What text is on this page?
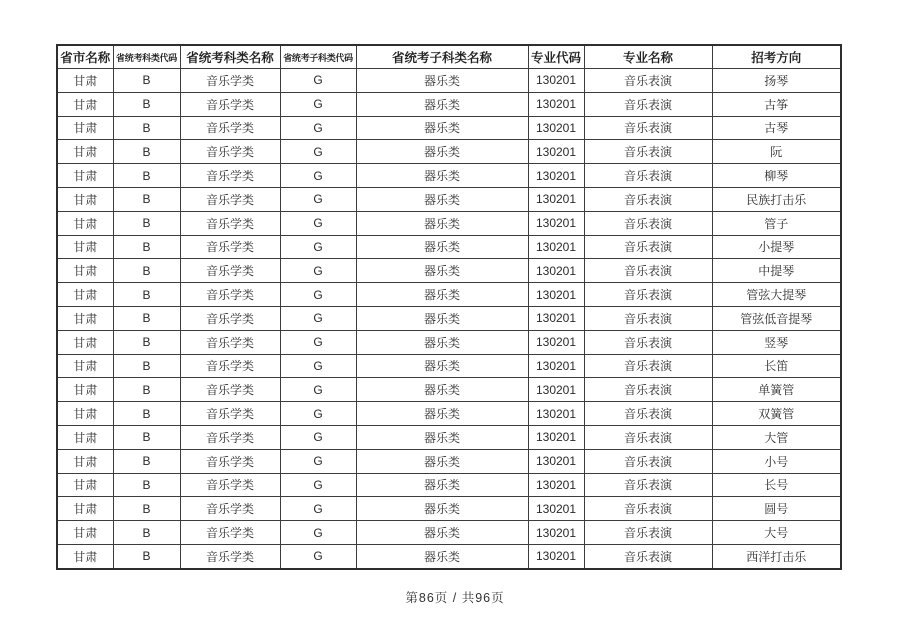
省市名称	省统考科类代码	省统考科类名称	省统考子科类代码	省统考子科类名称	专业代码	专业名称	招考方向
甘肃	B	音乐学类	G	器乐类	130201	音乐表演	扬琴
甘肃	B	音乐学类	G	器乐类	130201	音乐表演	古筝
甘肃	B	音乐学类	G	器乐类	130201	音乐表演	古琴
甘肃	B	音乐学类	G	器乐类	130201	音乐表演	阮
甘肃	B	音乐学类	G	器乐类	130201	音乐表演	柳琴
甘肃	B	音乐学类	G	器乐类	130201	音乐表演	民族打击乐
甘肃	B	音乐学类	G	器乐类	130201	音乐表演	管子
甘肃	B	音乐学类	G	器乐类	130201	音乐表演	小提琴
甘肃	B	音乐学类	G	器乐类	130201	音乐表演	中提琴
甘肃	B	音乐学类	G	器乐类	130201	音乐表演	管弦大提琴
甘肃	B	音乐学类	G	器乐类	130201	音乐表演	管弦低音提琴
甘肃	B	音乐学类	G	器乐类	130201	音乐表演	竖琴
甘肃	B	音乐学类	G	器乐类	130201	音乐表演	长笛
甘肃	B	音乐学类	G	器乐类	130201	音乐表演	单簧管
甘肃	B	音乐学类	G	器乐类	130201	音乐表演	双簧管
甘肃	B	音乐学类	G	器乐类	130201	音乐表演	大管
甘肃	B	音乐学类	G	器乐类	130201	音乐表演	小号
甘肃	B	音乐学类	G	器乐类	130201	音乐表演	长号
甘肃	B	音乐学类	G	器乐类	130201	音乐表演	圆号
甘肃	B	音乐学类	G	器乐类	130201	音乐表演	大号
甘肃	B	音乐学类	G	器乐类	130201	音乐表演	西洋打击乐
第86页 / 共96页
